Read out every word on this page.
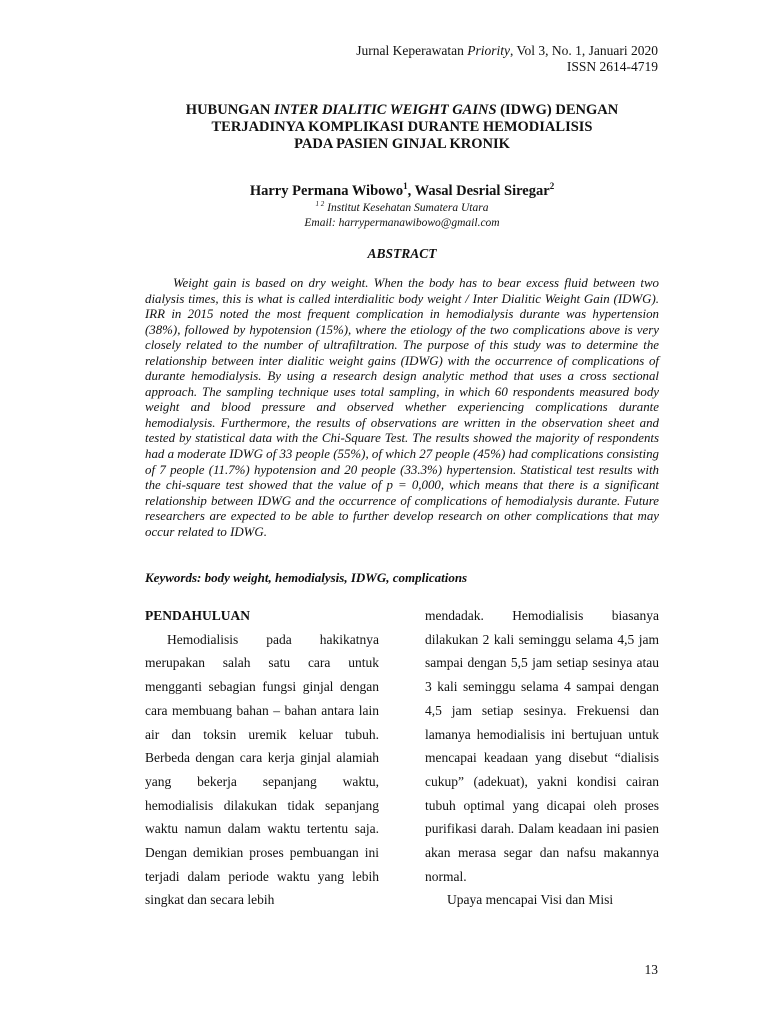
Jurnal Keperawatan Priority, Vol 3, No. 1, Januari 2020
ISSN 2614-4719
HUBUNGAN INTER DIALITIC WEIGHT GAINS (IDWG) DENGAN
TERJADINYA KOMPLIKASI DURANTE HEMODIALISIS
PADA PASIEN GINJAL KRONIK
Harry Permana Wibowo$^1$, Wasal Desrial Siregar$^2$
$^{1 2}$ Institut Kesehatan Sumatera Utara
Email: harrypermanawibowo@gmail.com
ABSTRACT

Weight gain is based on dry weight. When the body has to bear excess fluid between two dialysis times, this is what is called interdialitic body weight / Inter Dialitic Weight Gain (IDWG). IRR in 2015 noted the most frequent complication in hemodialysis durante was hypertension (38%), followed by hypotension (15%), where the etiology of the two complications above is very closely related to the number of ultrafiltration. The purpose of this study was to determine the relationship between inter dialitic weight gains (IDWG) with the occurrence of complications of durante hemodialysis. By using a research design analytic method that uses a cross sectional approach. The sampling technique uses total sampling, in which 60 respondents measured body weight and blood pressure and observed whether experiencing complications durante hemodialysis. Furthermore, the results of observations are written in the observation sheet and tested by statistical data with the Chi-Square Test. The results showed the majority of respondents had a moderate IDWG of 33 people (55%), of which 27 people (45%) had complications consisting of 7 people (11.7%) hypotension and 20 people (33.3%) hypertension. Statistical test results with the chi-square test showed that the value of p = 0,000, which means that there is a significant relationship between IDWG and the occurrence of complications of hemodialysis durante. Future researchers are expected to be able to further develop research on other complications that may occur related to IDWG.

Keywords: body weight, hemodialysis, IDWG, complications

PENDAHULUAN

Hemodialisis pada hakikatnya merupakan salah satu cara untuk mengganti sebagian fungsi ginjal dengan cara membuang bahan – bahan antara lain air dan toksin uremik keluar tubuh. Berbeda dengan cara kerja ginjal alamiah yang bekerja sepanjang waktu, hemodialisis dilakukan tidak sepanjang waktu namun dalam waktu tertentu saja. Dengan demikian proses pembuangan ini terjadi dalam periode waktu yang lebih singkat dan secara lebih

mendadak. Hemodialisis biasanya dilakukan 2 kali seminggu selama 4,5 jam sampai dengan 5,5 jam setiap sesinya atau 3 kali seminggu selama 4 sampai dengan 4,5 jam setiap sesinya. Frekuensi dan lamanya hemodialisis ini bertujuan untuk mencapai keadaan yang disebut “dialisis cukup” (adekuat), yakni kondisi cairan tubuh optimal yang dicapai oleh proses purifikasi darah. Dalam keadaan ini pasien akan merasa segar dan nafsu makannya normal.

Upaya mencapai Visi dan Misi

13
